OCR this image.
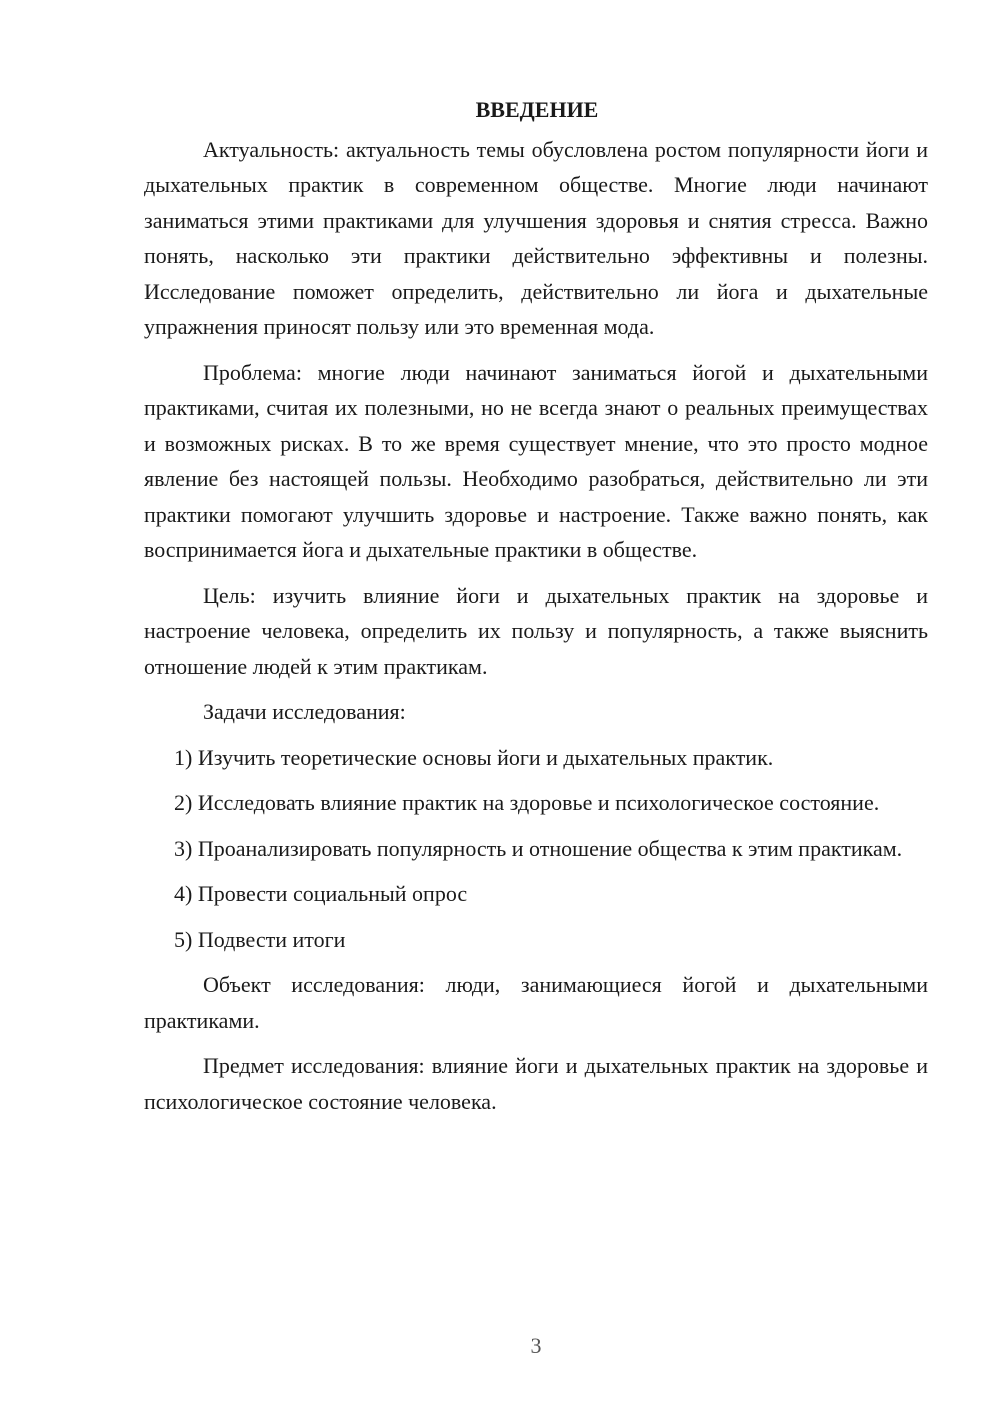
ВВЕДЕНИЕ

Актуальность: актуальность темы обусловлена ростом популярности йоги и дыхательных практик в современном обществе. Многие люди начинают заниматься этими практиками для улучшения здоровья и снятия стресса. Важно понять, насколько эти практики действительно эффективны и полезны. Исследование поможет определить, действительно ли йога и дыхательные упражнения приносят пользу или это временная мода.

Проблема: многие люди начинают заниматься йогой и дыхательными практиками, считая их полезными, но не всегда знают о реальных преимуществах и возможных рисках. В то же время существует мнение, что это просто модное явление без настоящей пользы. Необходимо разобраться, действительно ли эти практики помогают улучшить здоровье и настроение. Также важно понять, как воспринимается йога и дыхательные практики в обществе.

Цель: изучить влияние йоги и дыхательных практик на здоровье и настроение человека, определить их пользу и популярность, а также выяснить отношение людей к этим практикам.

Задачи исследования:

1) Изучить теоретические основы йоги и дыхательных практик.

2) Исследовать влияние практик на здоровье и психологическое состояние.

3) Проанализировать популярность и отношение общества к этим практикам.

4) Провести социальный опрос

5) Подвести итоги

Объект исследования: люди, занимающиеся йогой и дыхательными практиками.

Предмет исследования: влияние йоги и дыхательных практик на здоровье и психологическое состояние человека.

3
